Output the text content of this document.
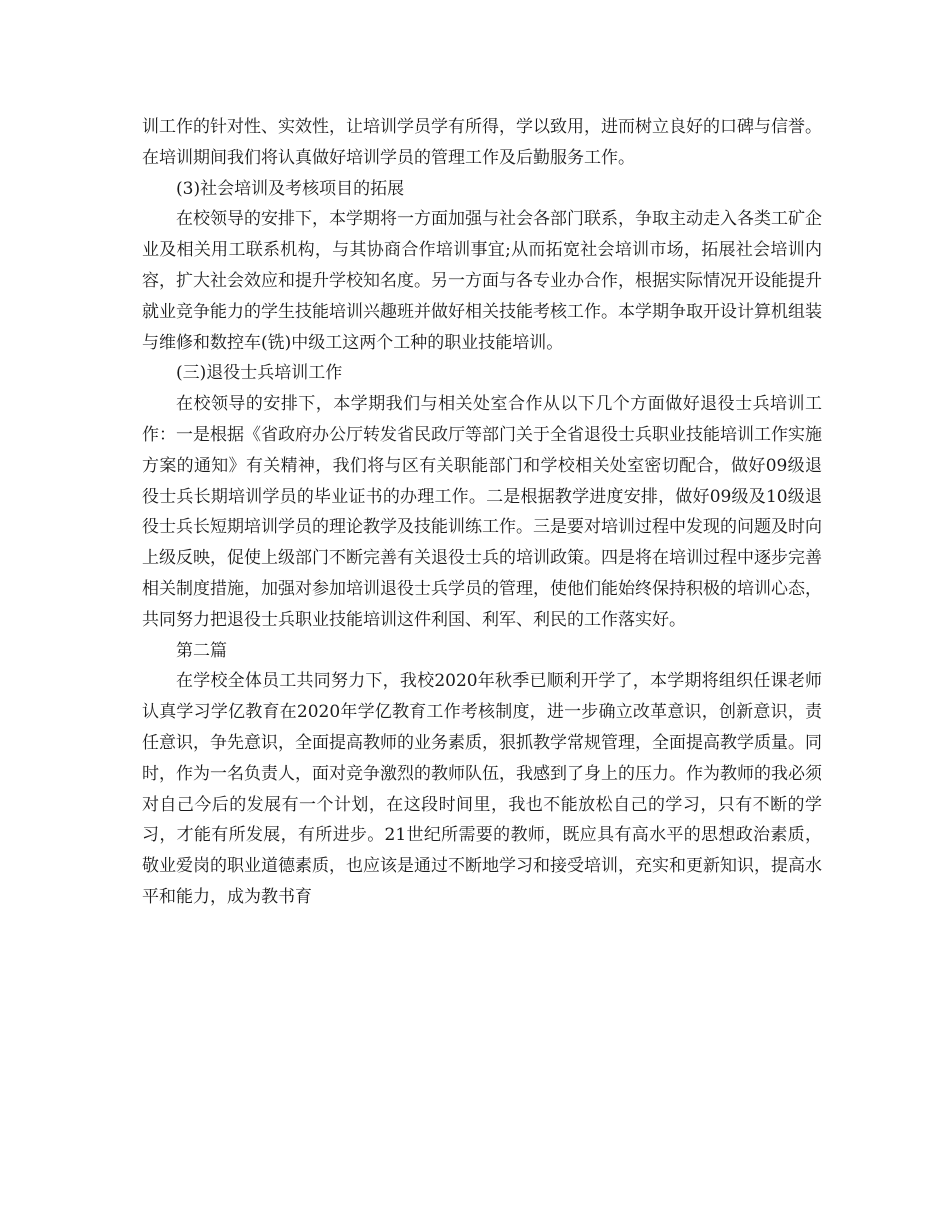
训工作的针对性、实效性，让培训学员学有所得，学以致用，进而树立良好的口碑与信誉。在培训期间我们将认真做好培训学员的管理工作及后勤服务工作。

(3)社会培训及考核项目的拓展

在校领导的安排下，本学期将一方面加强与社会各部门联系，争取主动走入各类工矿企业及相关用工联系机构，与其协商合作培训事宜;从而拓宽社会培训市场，拓展社会培训内容，扩大社会效应和提升学校知名度。另一方面与各专业办合作，根据实际情况开设能提升就业竞争能力的学生技能培训兴趣班并做好相关技能考核工作。本学期争取开设计算机组装与维修和数控车(铣)中级工这两个工种的职业技能培训。

(三)退役士兵培训工作

在校领导的安排下，本学期我们与相关处室合作从以下几个方面做好退役士兵培训工作：一是根据《省政府办公厅转发省民政厅等部门关于全省退役士兵职业技能培训工作实施方案的通知》有关精神，我们将与区有关职能部门和学校相关处室密切配合，做好09级退役士兵长期培训学员的毕业证书的办理工作。二是根据教学进度安排，做好09级及10级退役士兵长短期培训学员的理论教学及技能训练工作。三是要对培训过程中发现的问题及时向上级反映，促使上级部门不断完善有关退役士兵的培训政策。四是将在培训过程中逐步完善相关制度措施，加强对参加培训退役士兵学员的管理，使他们能始终保持积极的培训心态，共同努力把退役士兵职业技能培训这件利国、利军、利民的工作落实好。

第二篇

在学校全体员工共同努力下，我校2020年秋季已顺利开学了，本学期将组织任课老师认真学习学亿教育在2020年学亿教育工作考核制度，进一步确立改革意识，创新意识，责任意识，争先意识，全面提高教师的业务素质，狠抓教学常规管理，全面提高教学质量。同时，作为一名负责人，面对竞争激烈的教师队伍，我感到了身上的压力。作为教师的我必须对自己今后的发展有一个计划，在这段时间里，我也不能放松自己的学习，只有不断的学习，才能有所发展，有所进步。21世纪所需要的教师，既应具有高水平的思想政治素质，敬业爱岗的职业道德素质，也应该是通过不断地学习和接受培训，充实和更新知识，提高水平和能力，成为教书育
